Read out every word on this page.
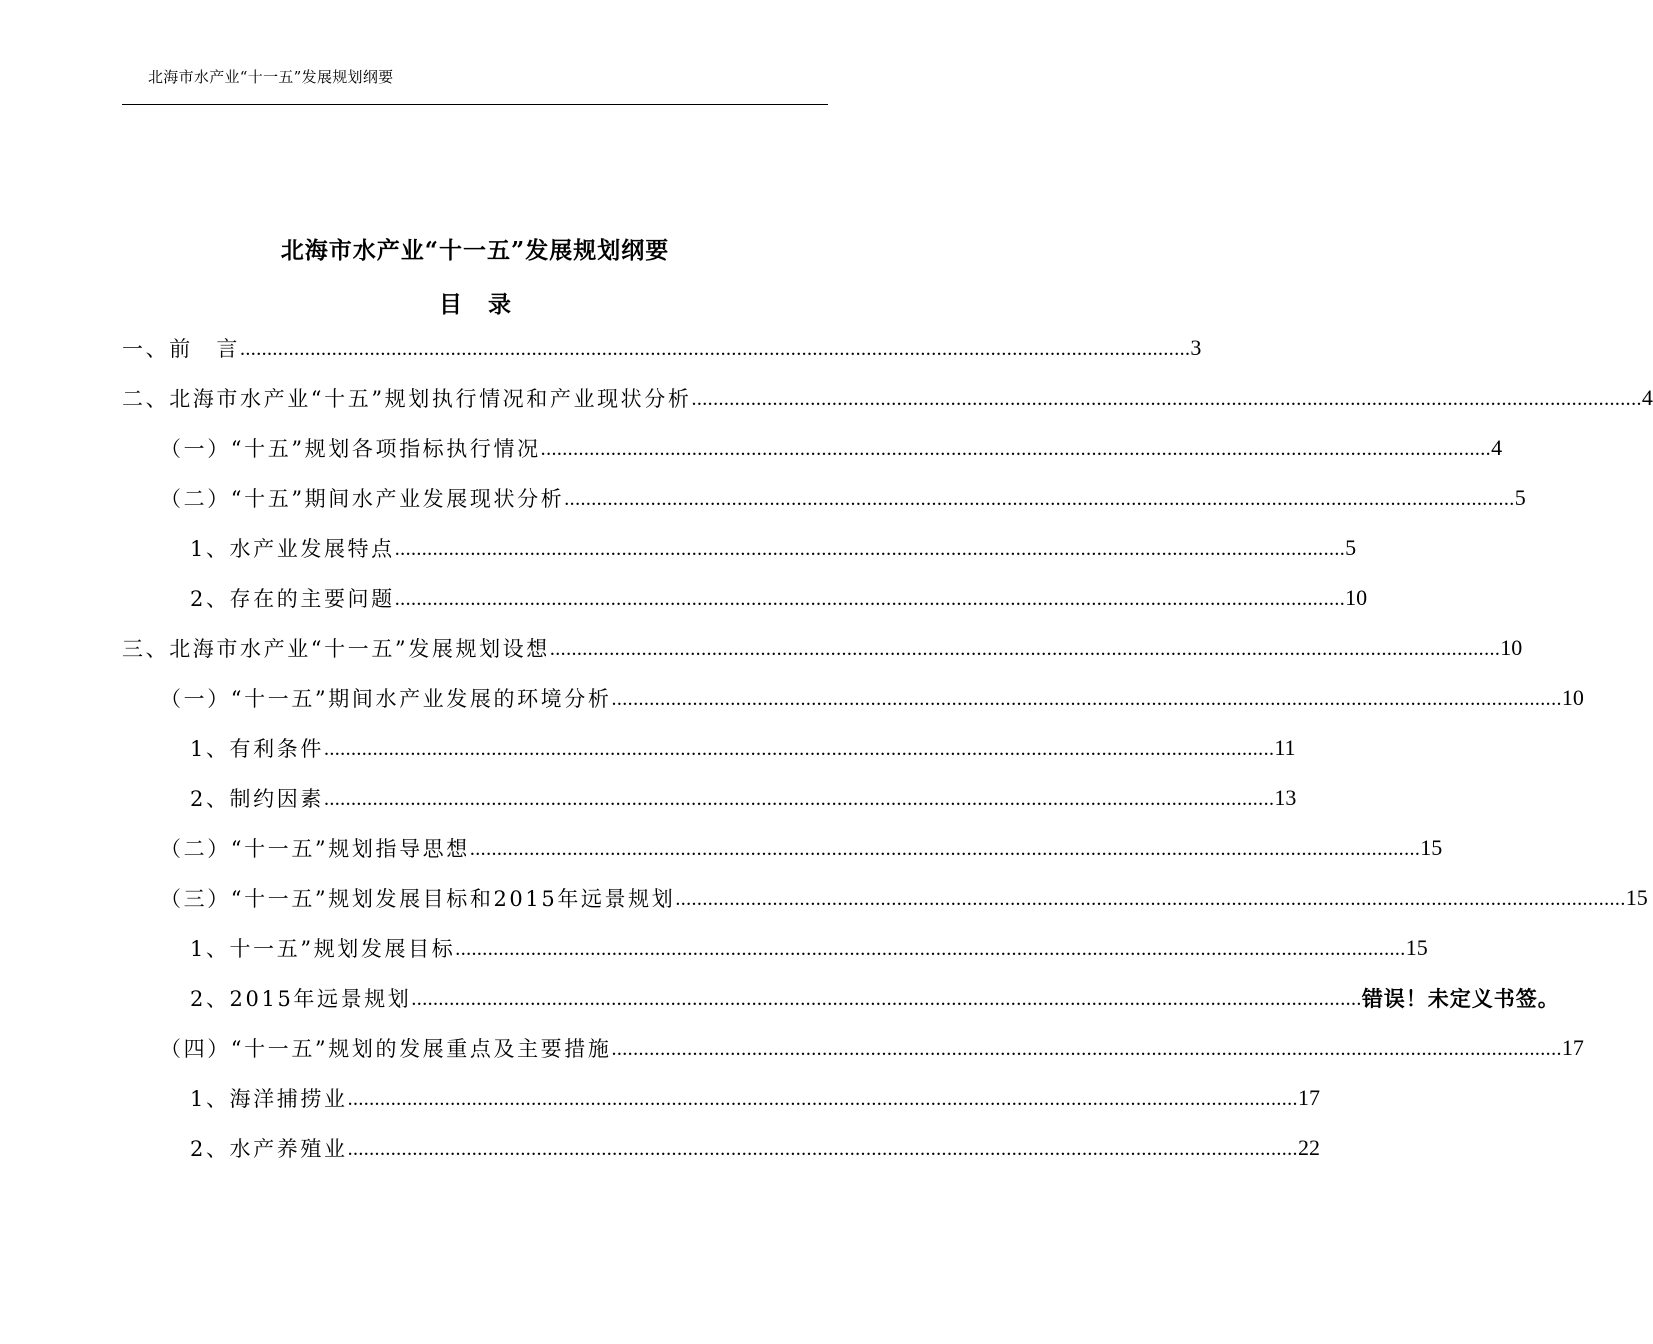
北海市水产业“十一五”发展规划纲要
北海市水产业“十一五”发展规划纲要
目录
一、前　言 ................................................................................................................................................................................ 3
二、北海市水产业“十五”规划执行情况和产业现状分析 ................................................................................................................................................................................ 4
（一）“十五”规划各项指标执行情况 ................................................................................................................................................................................ 4
（二）“十五”期间水产业发展现状分析 ................................................................................................................................................................................ 5
1、水产业发展特点 ................................................................................................................................................................................ 5
2、存在的主要问题 ................................................................................................................................................................................ 10
三、北海市水产业“十一五”发展规划设想 ................................................................................................................................................................................ 10
（一）“十一五”期间水产业发展的环境分析 ................................................................................................................................................................................ 10
1、有利条件 ................................................................................................................................................................................ 11
2、制约因素 ................................................................................................................................................................................ 13
（二）“十一五”规划指导思想 ................................................................................................................................................................................ 15
（三）“十一五”规划发展目标和2015年远景规划 ................................................................................................................................................................................ 15
1、十一五”规划发展目标 ................................................................................................................................................................................ 15
2、2015年远景规划 ................................................................................................................................................................................ 错误！未定义书签。
（四）“十一五”规划的发展重点及主要措施 ................................................................................................................................................................................ 17
1、海洋捕捞业 ................................................................................................................................................................................ 17
2、水产养殖业 ................................................................................................................................................................................ 22
